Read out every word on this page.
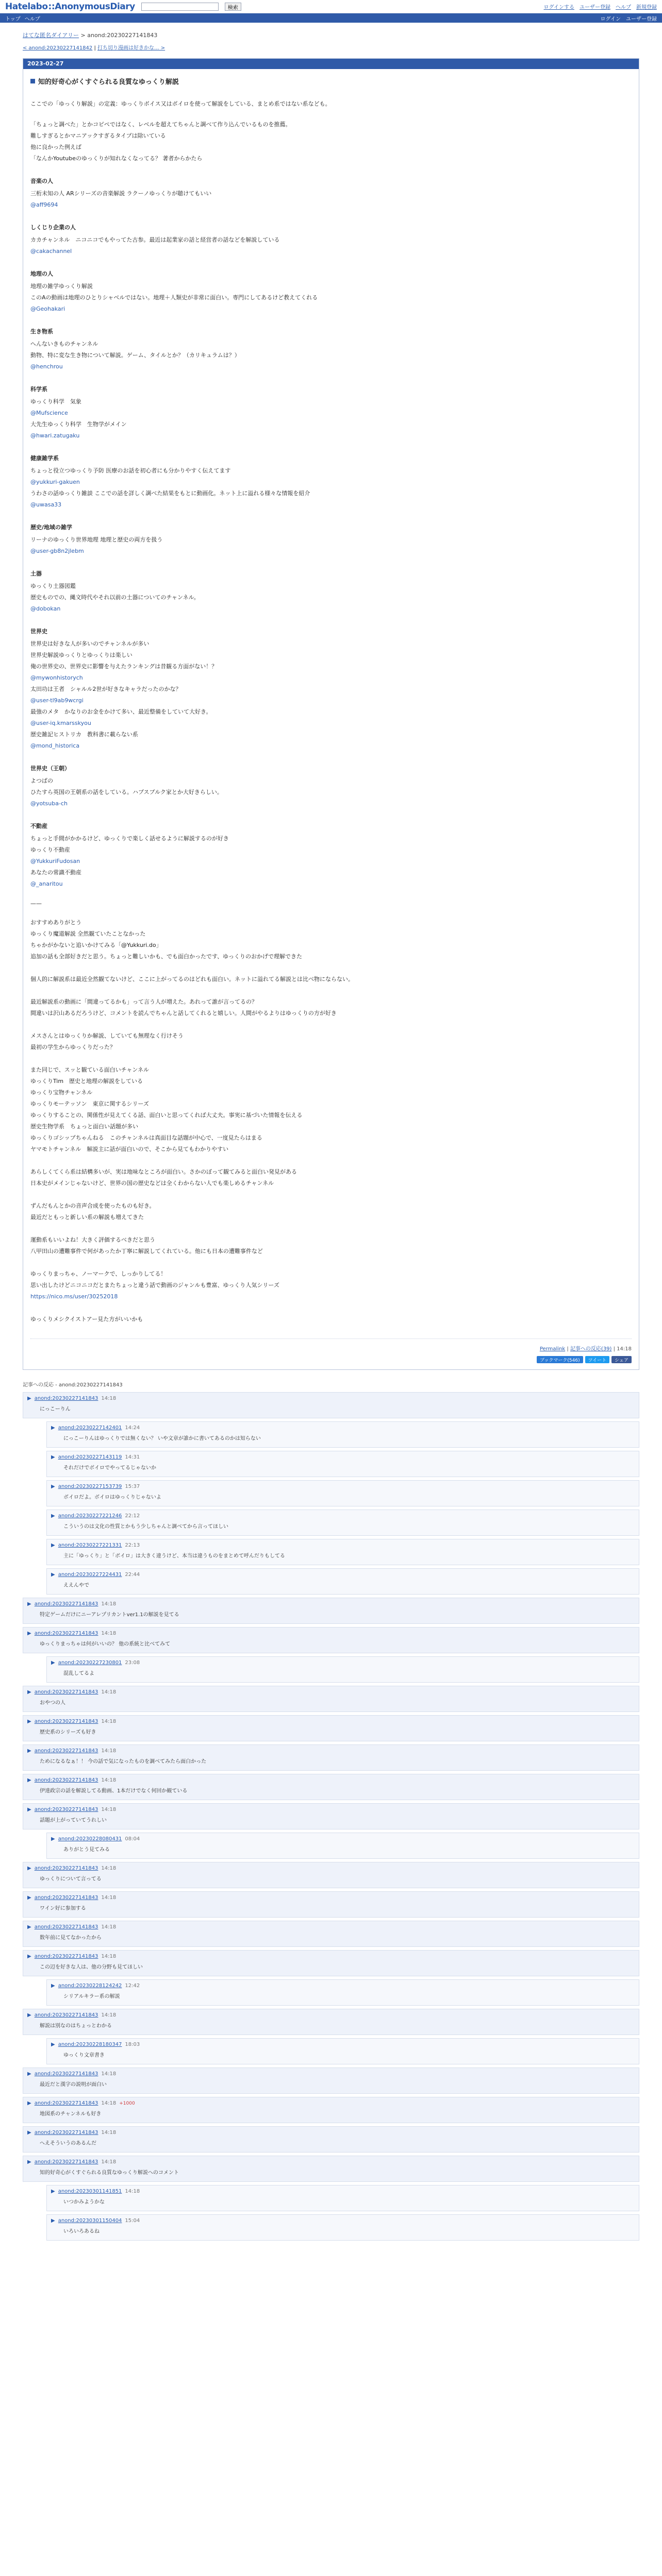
Hatelabo ::AnonymousDiary	検索	ログインする ユーザー登録 ヘルプ 新規登録
トップ ヘルプ	ログイン ユーザー登録
はてな匿名ダイアリー > anond:20230227141843
< anond:20230227141842 | 打ち切り漫画は好きかな... >
2023-02-27
知的好奇心がくすぐられる良質なゆっくり解説

ここでの「ゆっくり解説」の定義：ゆっくりボイス又はボイロを使って解説をしている、まとめ系ではない系なども。

「ちょっと調べた」とかコピペではなく、レベルを超えてちゃんと調べて作り込んでいるものを推薦。
難しすぎるとかマニアックすぎるタイプは除いている
他に良かった例えば
「なんかYoutubeのゆっくりが知れなくなってる？ 著者からかたら

音楽の人

三桁未知の人 ARシリーズの音楽解説 ラクーノゆっくりが聴けてもいい

@aff9694

しくじり企業の人

カカチャンネル　ニコニコでもやってた古参。最近は起業家の話と経営者の話などを解説している

@cakachannel

地理の人

地理の雑学ゆっくり解説

このAの動画は地理のひとりシャベルではない。地理＋人類史が非常に面白い。専門にしてあるけど教えてくれる

@Geohakari

生き物系

へんないきものチャンネル

動物、特に変な生き物について解説。ゲーム、タイルとか？（カリキュラムは？）

@henchrou

科学系

ゆっくり科学　気象

@Mufscience

大先生ゆっくり科学　生物学がメイン

@hwari.zatugaku

健康雑学系

ちょっと役立つゆっくり予防 医療のお話を初心者にも分かりやすく伝えてます

@yukkuri-gakuen

うわさの話ゆっくり雑談 ここでの話を詳しく調べた結果をもとに動画化。ネット上に溢れる様々な情報を紹介

@uwasa33

歴史/地域の雑学

リーナのゆっくり世界地理 地理と歴史の両方を扱う

@user-gb8n2jlebm

土器

ゆっくり土器図鑑

歴史ものでの、縄文時代やそれ以前の土器についてのチャンネル。

@dobokan

世界史

世界史は好きな人が多いのでチャンネルが多い

世界史解説ゆっくりとゆっくりは楽しい

俺の世界史の、世界史に影響を与えたランキングは昔観る方面がない！？

@mywonhistorych

太田功は王者　シャルル2世が好きなキャラだったのかな？

@user-tl9ab9wcrgi

最強のメタ　かなりのお金をかけて多い、最近整備をしていて大好き。

@user-iq.kmarsskyou

歴史雑記ヒストリカ　教科書に載らない系

@mond_historica

世界史（王朝）

よつばの

ひたすら英国の王朝系の話をしている。ハプスブルク家とか大好きらしい。

@yotsuba-ch

不動産

ちょっと手間がかかるけど、ゆっくりで楽しく話せるように解説するのが好き

ゆっくり不動産

@YukkuriFudosan

あなたの常識不動産

@_anaritou

——

おすすめありがとう

ゆっくり魔道解説 全然観ていたことなかった

ちゃかがかないと追いかけてみる「@Yukkuri.do」

追加の話も全部好きだと思う。ちょっと難しいかも、でも面白かったです、ゆっくりのおかげで理解できた

個人的に解説系は最近全然観てないけど、ここに上がってるのはどれも面白い。ネットに溢れてる解説とは比べ物にならない。

最近解説系の動画に「間違ってるかも」って言う人が増えた。あれって誰が言ってるの？

間違いは沢山あるだろうけど、コメントを読んでちゃんと話してくれると嬉しい。人間がやるよりはゆっくりの方が好き

メスさんとはゆっくりか解説、していても無理なく行けそう

最初の学生からゆっくりだった？

また同じで、スッと観ている面白いチャンネル

ゆっくりTim　歴史と地理の解説をしている

ゆっくり宝物チャンネル

ゆっくりモーテッソン　東京に関するシリーズ

ゆっくりすることの、関係性が見えてくる話、面白いと思ってくれば大丈夫。事実に基づいた情報を伝える

歴史生物学系　ちょっと面白い話題が多い

ゆっくりゴシップちゃんねる　このチャンネルは真面目な話題が中心で、一度見たらはまる

ヤマモトチャンネル　解説主に話が面白いので、そこから見てもわかりやすい

あらしくてくら系は結構多いが、実は地味なところが面白い。さかのぼって観てみると面白い発見がある

日本史がメインじゃないけど、世界の国の歴史などは全くわからない人でも楽しめるチャンネル

ずんだもんとかの音声合成を使ったものも好き。

最近だともっと新しい系の解説も増えてきた

運動系もいいよね！大きく評価するべきだと思う

八甲田山の遭難事件で何があったか丁寧に解説してくれている。他にも日本の遭難事件など

ゆっくりまっちゃ、ノーマークで、しっかりしてる！

思い出したけどニコニコだとまたちょっと違う話で動画のジャンルも豊富、ゆっくり人気シリーズ

https://nico.ms/user/30252018

ゆっくりメシクイストアー見た方がいいかも

Permalink | 記事への反応(39) | 14:18
ブックマーク(546)	ツイート	シェア
記事への反応 - anond:20230227141843
▶ anond:20230227141843 14:18
にっこーりん
▶ anond:20230227142401 14:24
にっこーりんはゆっくりでは無くない？ いや文章が誰かに書いてあるのかは知らない
▶ anond:20230227143119 14:31
それだけでボイロでやってるじゃないか
▶ anond:20230227153739 15:37
ボイロだよ。ボイロはゆっくりじゃないよ
▶ anond:20230227221246 22:12
こういうのは文化の性質とかもう少しちゃんと調べてから言ってほしい
▶ anond:20230227221331 22:13
主に「ゆっくり」と「ボイロ」は大きく違うけど、本当は違うものをまとめて呼んだりもしてる
▶ anond:20230227224431 22:44
ええんやで
▶ anond:20230227141843 14:18
特定ゲームだけにニーアレプリカントver1.1の解説を見てる
▶ anond:20230227141843 14:18
ゆっくりまっちゃは何がいいの？ 他の系統と比べてみて
▶ anond:20230227230801 23:08
混乱してるよ
▶ anond:20230227141843 14:18
おやつの人
▶ anond:20230227141843 14:18
歴史系のシリーズも好き
▶ anond:20230227141843 14:18
ためになるなぁ！！ 今の話で気になったものを調べてみたら面白かった
▶ anond:20230227141843 14:18
伊達政宗の話を解説してる動画、1本だけでなく何回か観ている
▶ anond:20230227141843 14:18
話題が上がっていてうれしい
▶ anond:20230228080431 08:04
ありがとう見てみる
▶ anond:20230227141843 14:18
ゆっくりについて言ってる
▶ anond:20230227141843 14:18
ワイン好に参加する
▶ anond:20230227141843 14:18
数年前に見てなかったから
▶ anond:20230227141843 14:18
この辺を好きな人は、他の分野も見てほしい
▶ anond:20230228124242 12:42
シリアルキラー系の解説
▶ anond:20230227141843 14:18
解説は別なのはちょっとわかる
▶ anond:20230228180347 18:03
ゆっくり文章書き
▶ anond:20230227141843 14:18
最近だと漢字の説明が面白い
▶ anond:20230227141843 14:18 +1000
地図系のチャンネルも好き
▶ anond:20230227141843 14:18
へえそういうのあるんだ
▶ anond:20230227141843 14:18
知的好奇心がくすぐられる良質なゆっくり解説へのコメント
▶ anond:20230301141851 14:18
いつかみようかな
▶ anond:20230301150404 15:04
いろいろあるね
